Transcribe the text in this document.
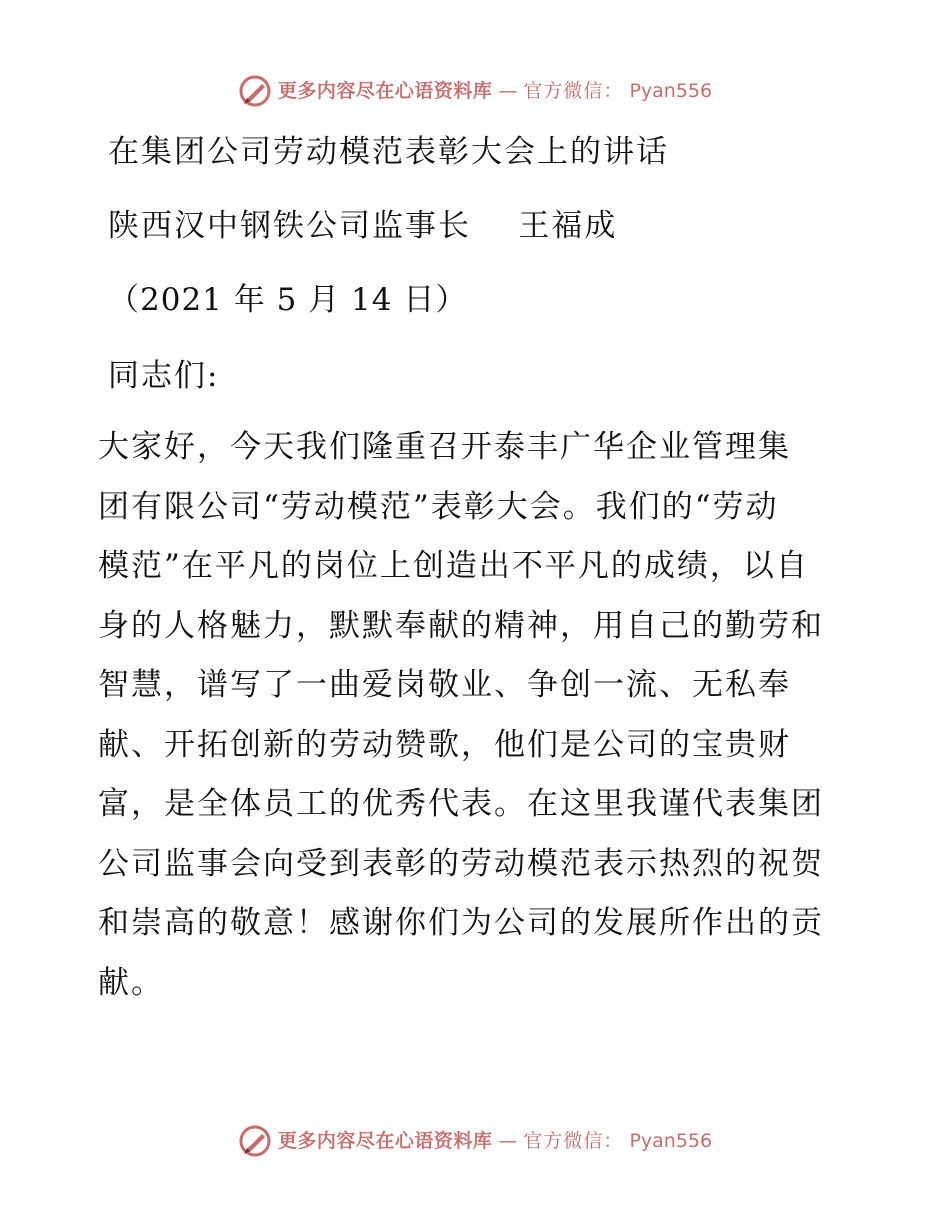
更多内容尽在心语资料库 — 官方微信： Pyan556
在集团公司劳动模范表彰大会上的讲话
陕西汉中钢铁公司监事长    王福成
（2021 年 5 月 14 日）
同志们:
大家好，今天我们隆重召开泰丰广华企业管理集
团有限公司“劳动模范”表彰大会。我们的“劳动
模范”在平凡的岗位上创造出不平凡的成绩，以自
身的人格魅力，默默奉献的精神，用自己的勤劳和
智慧，谱写了一曲爱岗敬业、争创一流、无私奉
献、开拓创新的劳动赞歌，他们是公司的宝贵财
富，是全体员工的优秀代表。在这里我谨代表集团
公司监事会向受到表彰的劳动模范表示热烈的祝贺
和崇高的敬意！感谢你们为公司的发展所作出的贡
献。
更多内容尽在心语资料库 — 官方微信： Pyan556
